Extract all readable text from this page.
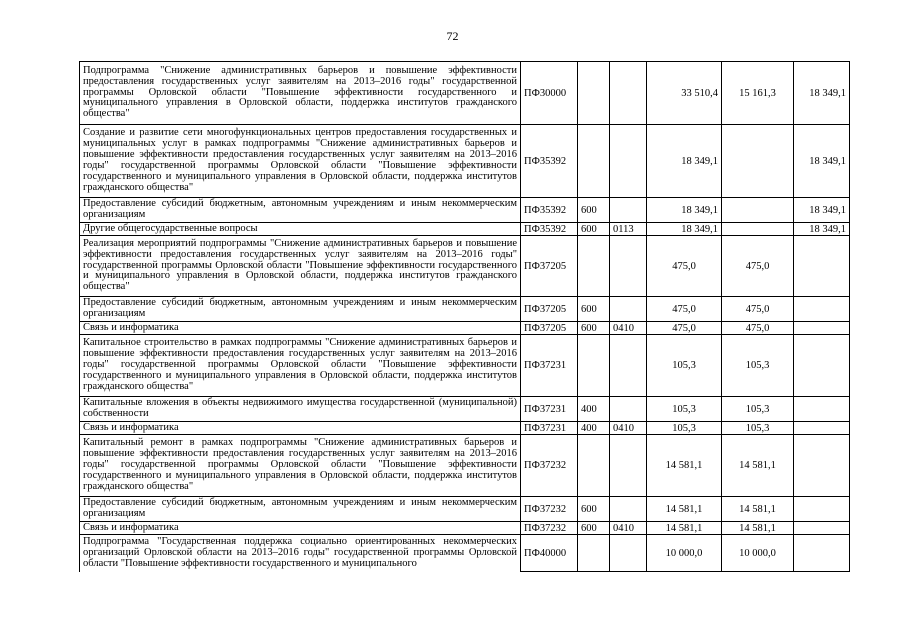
72
Подпрограмма "Снижение административных барьеров и повышение эффективности предоставления государственных услуг заявителям на 2013–2016 годы" государственной программы Орловской области "Повышение эффективности государственного и муниципального управления в Орловской области, поддержка институтов гражданского общества"	ПФ30000			33 510,4	15 161,3	18 349,1
Создание и развитие сети многофункциональных центров предоставления государственных и муниципальных услуг в рамках подпрограммы "Снижение административных барьеров и повышение эффективности предоставления государственных услуг заявителям на 2013–2016 годы" государственной программы Орловской области "Повышение эффективности государственного и муниципального управления в Орловской области, поддержка институтов гражданского общества"	ПФ35392			18 349,1		18 349,1
Предоставление субсидий бюджетным, автономным учреждениям и иным некоммерческим организациям	ПФ35392	600		18 349,1		18 349,1
Другие общегосударственные вопросы	ПФ35392	600	0113	18 349,1		18 349,1
Реализация мероприятий подпрограммы "Снижение административных барьеров и повышение эффективности предоставления государственных услуг заявителям на 2013–2016 годы" государственной программы Орловской области "Повышение эффективности государственного и муниципального управления в Орловской области, поддержка институтов гражданского общества"	ПФ37205			475,0	475,0	
Предоставление субсидий бюджетным, автономным учреждениям и иным некоммерческим организациям	ПФ37205	600		475,0	475,0	
Связь и информатика	ПФ37205	600	0410	475,0	475,0	
Капитальное строительство в рамках подпрограммы "Снижение административных барьеров и повышение эффективности предоставления государственных услуг заявителям на 2013–2016 годы" государственной программы Орловской области "Повышение эффективности государственного и муниципального управления в Орловской области, поддержка институтов гражданского общества"	ПФ37231			105,3	105,3	
Капитальные вложения в объекты недвижимого имущества государственной (муниципальной) собственности	ПФ37231	400		105,3	105,3	
Связь и информатика	ПФ37231	400	0410	105,3	105,3	
Капитальный ремонт в рамках подпрограммы "Снижение административных барьеров и повышение эффективности предоставления государственных услуг заявителям на 2013–2016 годы" государственной программы Орловской области "Повышение эффективности государственного и муниципального управления в Орловской области, поддержка институтов гражданского общества"	ПФ37232			14 581,1	14 581,1	
Предоставление субсидий бюджетным, автономным учреждениям и иным некоммерческим организациям	ПФ37232	600		14 581,1	14 581,1	
Связь и информатика	ПФ37232	600	0410	14 581,1	14 581,1	
Подпрограмма "Государственная поддержка социально ориентированных некоммерческих организаций Орловской области на 2013–2016 годы" государственной программы Орловской области "Повышение эффективности государственного и муниципального	ПФ40000			10 000,0	10 000,0	
